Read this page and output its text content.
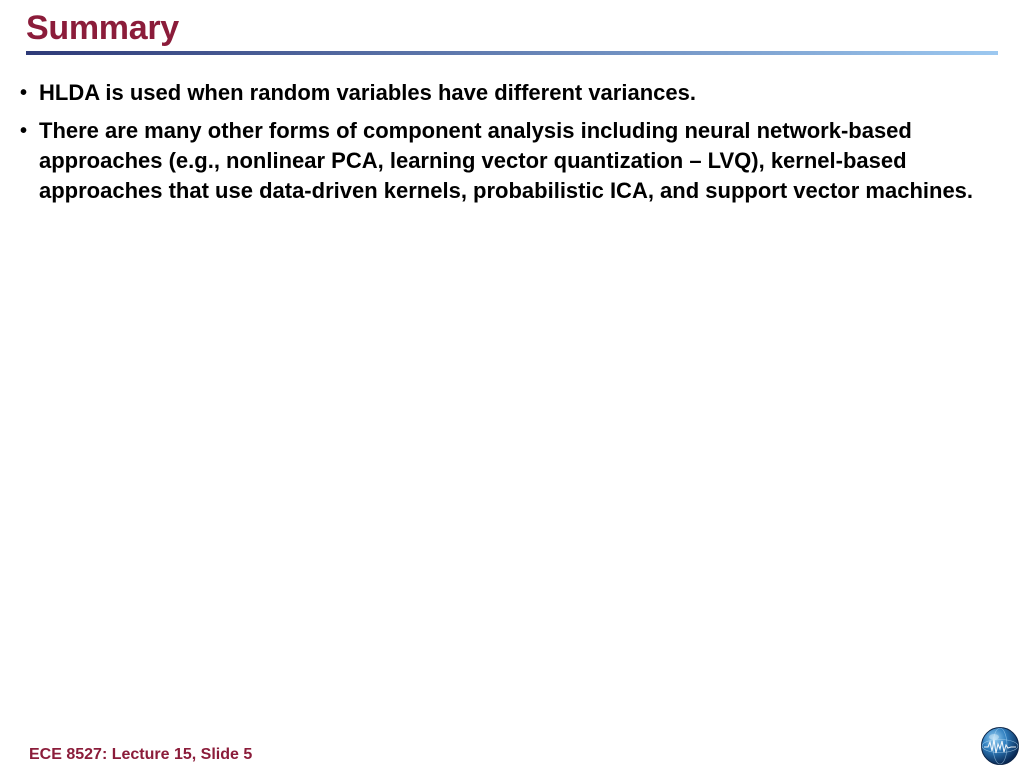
Summary
• HLDA is used when random variables have different variances.
• There are many other forms of component analysis including neural network-based approaches (e.g., nonlinear PCA, learning vector quantization – LVQ), kernel-based approaches that use data-driven kernels, probabilistic ICA, and support vector machines.
ECE 8527: Lecture 15, Slide 5
